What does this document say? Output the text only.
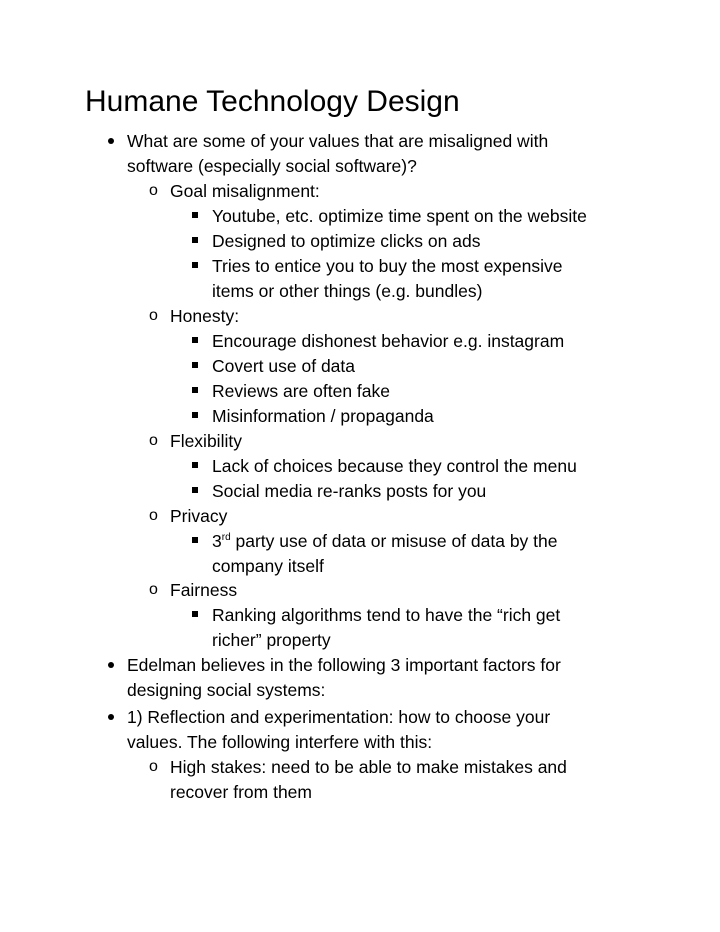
Humane Technology Design
What are some of your values that are misaligned with
software (especially social software)?
o Goal misalignment:
Youtube, etc. optimize time spent on the website
Designed to optimize clicks on ads
Tries to entice you to buy the most expensive
items or other things (e.g. bundles)
o Honesty:
Encourage dishonest behavior e.g. instagram
Covert use of data
Reviews are often fake
Misinformation / propaganda
o Flexibility
Lack of choices because they control the menu
Social media re-ranks posts for you
o Privacy
3rd party use of data or misuse of data by the
company itself
o Fairness
Ranking algorithms tend to have the “rich get
richer” property
Edelman believes in the following 3 important factors for
designing social systems:
1) Reflection and experimentation: how to choose your
values. The following interfere with this:
o High stakes: need to be able to make mistakes and
recover from them
